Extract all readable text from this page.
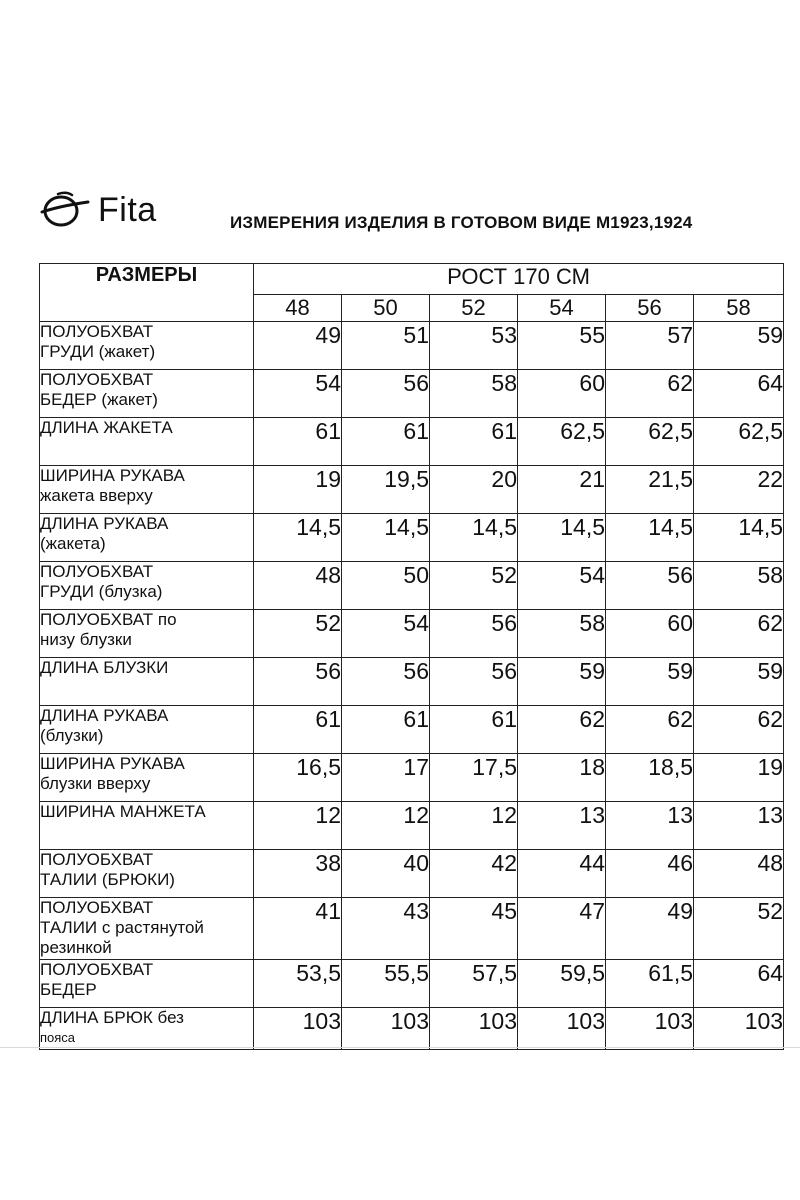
Fita	ИЗМЕРЕНИЯ ИЗДЕЛИЯ В ГОТОВОМ ВИДЕ М1923,1924
РАЗМЕРЫ	РОСТ 170 СМ					
	48	50	52	54	56	58

ПОЛУОБХВАТ
ГРУДИ (жакет)	49	51	53	55	57	59

ПОЛУОБХВАТ
БЕДЕР (жакет)	54	56	58	60	62	64

ДЛИНА ЖАКЕТА	61	61	61	62,5	62,5	62,5

ШИРИНА РУКАВА
жакета вверху	19	19,5	20	21	21,5	22

ДЛИНА РУКАВА
(жакета)	14,5	14,5	14,5	14,5	14,5	14,5

ПОЛУОБХВАТ
ГРУДИ (блузка)	48	50	52	54	56	58

ПОЛУОБХВАТ по
низу блузки	52	54	56	58	60	62

ДЛИНА БЛУЗКИ	56	56	56	59	59	59

ДЛИНА РУКАВА
(блузки)	61	61	61	62	62	62

ШИРИНА РУКАВА
блузки вверху	16,5	17	17,5	18	18,5	19

ШИРИНА МАНЖЕТА	12	12	12	13	13	13

ПОЛУОБХВАТ
ТАЛИИ (БРЮКИ)	38	40	42	44	46	48

ПОЛУОБХВАТ
ТАЛИИ с растянутой
резинкой	41	43	45	47	49	52

ПОЛУОБХВАТ
БЕДЕР	53,5	55,5	57,5	59,5	61,5	64

ДЛИНА БРЮК без
пояса	103	103	103	103	103	103
